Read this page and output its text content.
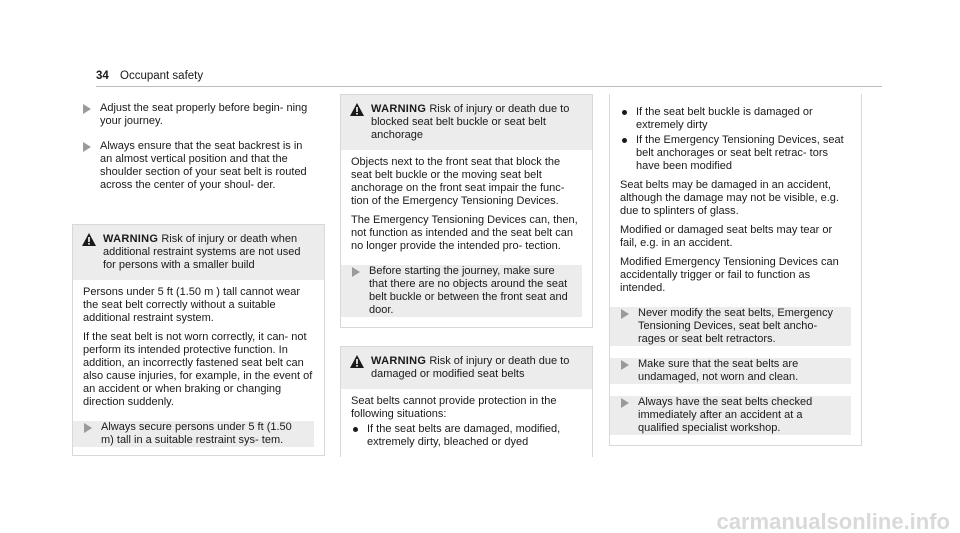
34 Occupant safety
Adjust the seat properly before begin- ning your journey.
Always ensure that the seat backrest is in an almost vertical position and that the shoulder section of your seat belt is routed across the center of your shoul- der.
WARNING Risk of injury or death when additional restraint systems are not used for persons with a smaller build
Persons under 5 ft (1.50 m ) tall cannot wear the seat belt correctly without a suitable additional restraint system.
If the seat belt is not worn correctly, it can- not perform its intended protective function. In addition, an incorrectly fastened seat belt can also cause injuries, for example, in the event of an accident or when braking or changing direction suddenly.
Always secure persons under 5 ft (1.50 m) tall in a suitable restraint sys- tem.
WARNING Risk of injury or death due to blocked seat belt buckle or seat belt anchorage
Objects next to the front seat that block the seat belt buckle or the moving seat belt anchorage on the front seat impair the func- tion of the Emergency Tensioning Devices.
The Emergency Tensioning Devices can, then, not function as intended and the seat belt can no longer provide the intended pro- tection.
Before starting the journey, make sure that there are no objects around the seat belt buckle or between the front seat and door.
WARNING Risk of injury or death due to damaged or modified seat belts
Seat belts cannot provide protection in the following situations:
If the seat belts are damaged, modified, extremely dirty, bleached or dyed
If the seat belt buckle is damaged or extremely dirty
If the Emergency Tensioning Devices, seat belt anchorages or seat belt retrac- tors have been modified
Seat belts may be damaged in an accident, although the damage may not be visible, e.g. due to splinters of glass.
Modified or damaged seat belts may tear or fail, e.g. in an accident.
Modified Emergency Tensioning Devices can accidentally trigger or fail to function as intended.
Never modify the seat belts, Emergency Tensioning Devices, seat belt ancho- rages or seat belt retractors.
Make sure that the seat belts are undamaged, not worn and clean.
Always have the seat belts checked immediately after an accident at a qualified specialist workshop.
carmanualsonline.info
